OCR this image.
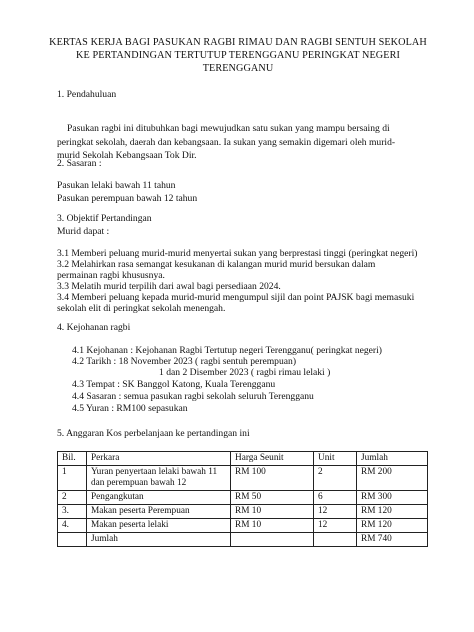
KERTAS KERJA BAGI PASUKAN RAGBI RIMAU DAN RAGBI SENTUH SEKOLAH
KE PERTANDINGAN TERTUTUP TERENGGANU PERINGKAT NEGERI
TERENGGANU
1. Pendahuluan
Pasukan ragbi ini ditubuhkan bagi mewujudkan satu sukan yang mampu bersaing di
peringkat sekolah, daerah dan kebangsaan. Ia sukan yang semakin digemari oleh murid-
murid Sekolah Kebangsaan Tok Dir.
2. Sasaran :
Pasukan lelaki bawah 11 tahun
Pasukan perempuan bawah 12 tahun
3. Objektif Pertandingan
Murid dapat :
3.1 Memberi peluang murid-murid menyertai sukan yang berprestasi tinggi (peringkat negeri)
3.2 Melahirkan rasa semangat kesukanan di kalangan murid murid bersukan dalam
permainan ragbi khususnya.
3.3 Melatih murid terpilih dari awal bagi persediaan 2024.
3.4 Memberi peluang kepada murid-murid mengumpul sijil dan point PAJSK bagi memasuki
sekolah elit di peringkat sekolah menengah.
4. Kejohanan ragbi
4.1 Kejohanan : Kejohanan Ragbi Tertutup negeri Terengganu( peringkat negeri)
4.2 Tarikh : 18 November 2023 ( ragbi sentuh perempuan)
1 dan 2 Disember 2023 ( ragbi rimau lelaki )
4.3 Tempat : SK Banggol Katong, Kuala Terengganu
4.4 Sasaran : semua pasukan ragbi sekolah seluruh Terengganu
4.5 Yuran : RM100 sepasukan
5. Anggaran Kos perbelanjaan ke pertandingan ini
Bil.	Perkara	Harga Seunit	Unit	Jumlah
1	Yuran penyertaan lelaki bawah 11
dan perempuan bawah 12	RM 100	2	RM 200

2	Pengangkutan	RM 50	6	RM 300
3.	Makan peserta Perempuan	RM 10	12	RM 120
4.	Makan peserta lelaki	RM 10	12	RM 120
	Jumlah			RM 740
